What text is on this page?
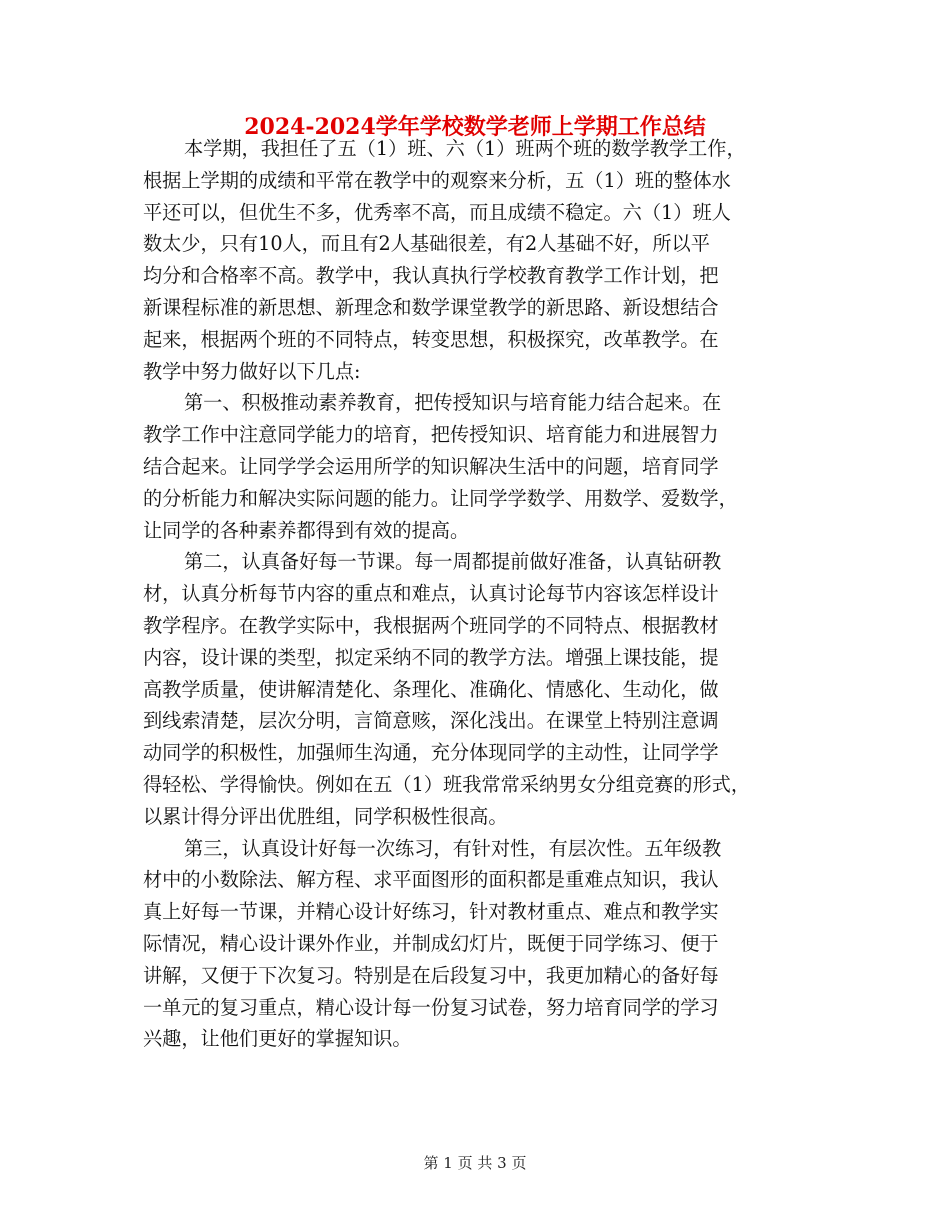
2024-2024学年学校数学老师上学期工作总结
本学期，我担任了五（1）班、六（1）班两个班的数学教学工作，
根据上学期的成绩和平常在教学中的观察来分析，五（1）班的整体水
平还可以，但优生不多，优秀率不高，而且成绩不稳定。六（1）班人
数太少，只有10人，而且有2人基础很差，有2人基础不好，所以平
均分和合格率不高。教学中，我认真执行学校教育教学工作计划，把
新课程标准的新思想、新理念和数学课堂教学的新思路、新设想结合
起来，根据两个班的不同特点，转变思想，积极探究，改革教学。在
教学中努力做好以下几点:
第一、积极推动素养教育，把传授知识与培育能力结合起来。在
教学工作中注意同学能力的培育，把传授知识、培育能力和进展智力
结合起来。让同学学会运用所学的知识解决生活中的问题，培育同学
的分析能力和解决实际问题的能力。让同学学数学、用数学、爱数学，
让同学的各种素养都得到有效的提高。
第二，认真备好每一节课。每一周都提前做好准备，认真钻研教
材，认真分析每节内容的重点和难点，认真讨论每节内容该怎样设计
教学程序。在教学实际中，我根据两个班同学的不同特点、根据教材
内容，设计课的类型，拟定采纳不同的教学方法。增强上课技能，提
高教学质量，使讲解清楚化、条理化、准确化、情感化、生动化，做
到线索清楚，层次分明，言简意赅，深化浅出。在课堂上特别注意调
动同学的积极性，加强师生沟通，充分体现同学的主动性，让同学学
得轻松、学得愉快。例如在五（1）班我常常采纳男女分组竞赛的形式，
以累计得分评出优胜组，同学积极性很高。
第三，认真设计好每一次练习，有针对性，有层次性。五年级教
材中的小数除法、解方程、求平面图形的面积都是重难点知识，我认
真上好每一节课，并精心设计好练习，针对教材重点、难点和教学实
际情况，精心设计课外作业，并制成幻灯片，既便于同学练习、便于
讲解，又便于下次复习。特别是在后段复习中，我更加精心的备好每
一单元的复习重点，精心设计每一份复习试卷，努力培育同学的学习
兴趣，让他们更好的掌握知识。
第 1 页 共 3 页
